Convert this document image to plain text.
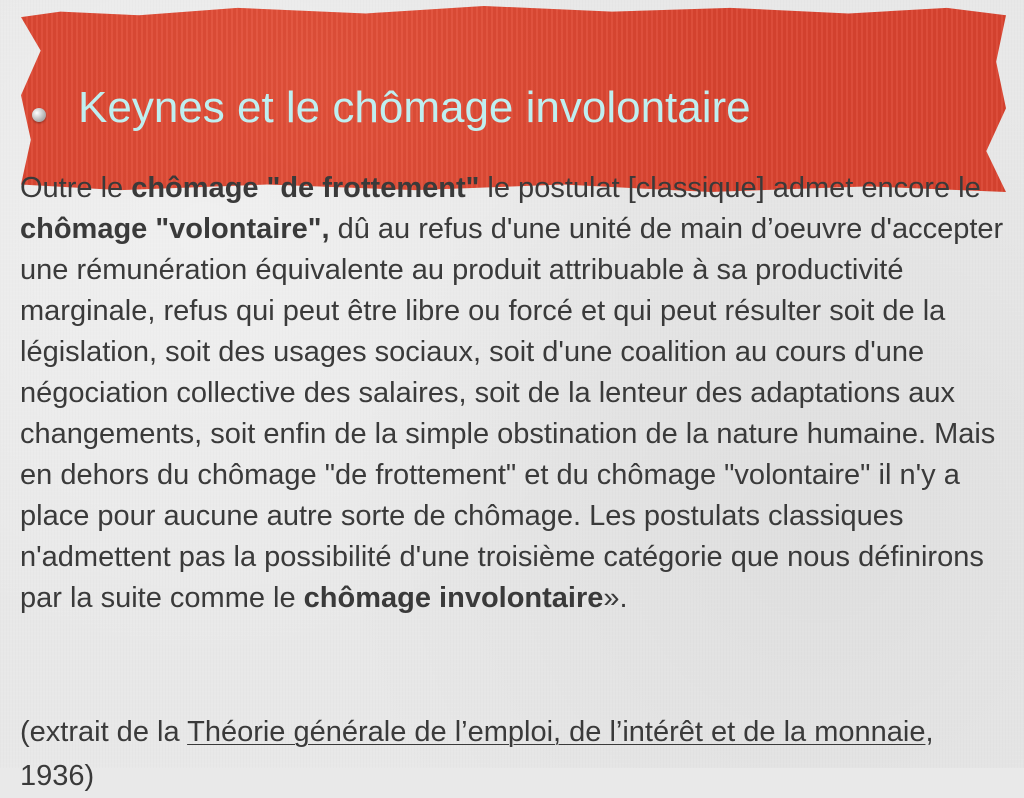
Keynes et le chômage involontaire

Outre le chômage "de frottement" le postulat [classique] admet encore le chômage "volontaire", dû au refus d'une unité de main d’oeuvre d'accepter une rémunération équivalente au produit attribuable à sa productivité marginale, refus qui peut être libre ou forcé et qui peut résulter soit de la législation, soit des usages sociaux, soit d'une coalition au cours d'une négociation collective des salaires, soit de la lenteur des adaptations aux changements, soit enfin de la simple obstination de la nature humaine. Mais en dehors du chômage "de frottement" et du chômage "volontaire" il n'y a place pour aucune autre sorte de chômage. Les postulats classiques n'admettent pas la possibilité d'une troisième catégorie que nous définirons par la suite comme le chômage involontaire».

(extrait de la Théorie générale de l’emploi, de l’intérêt et de la monnaie, 1936)
